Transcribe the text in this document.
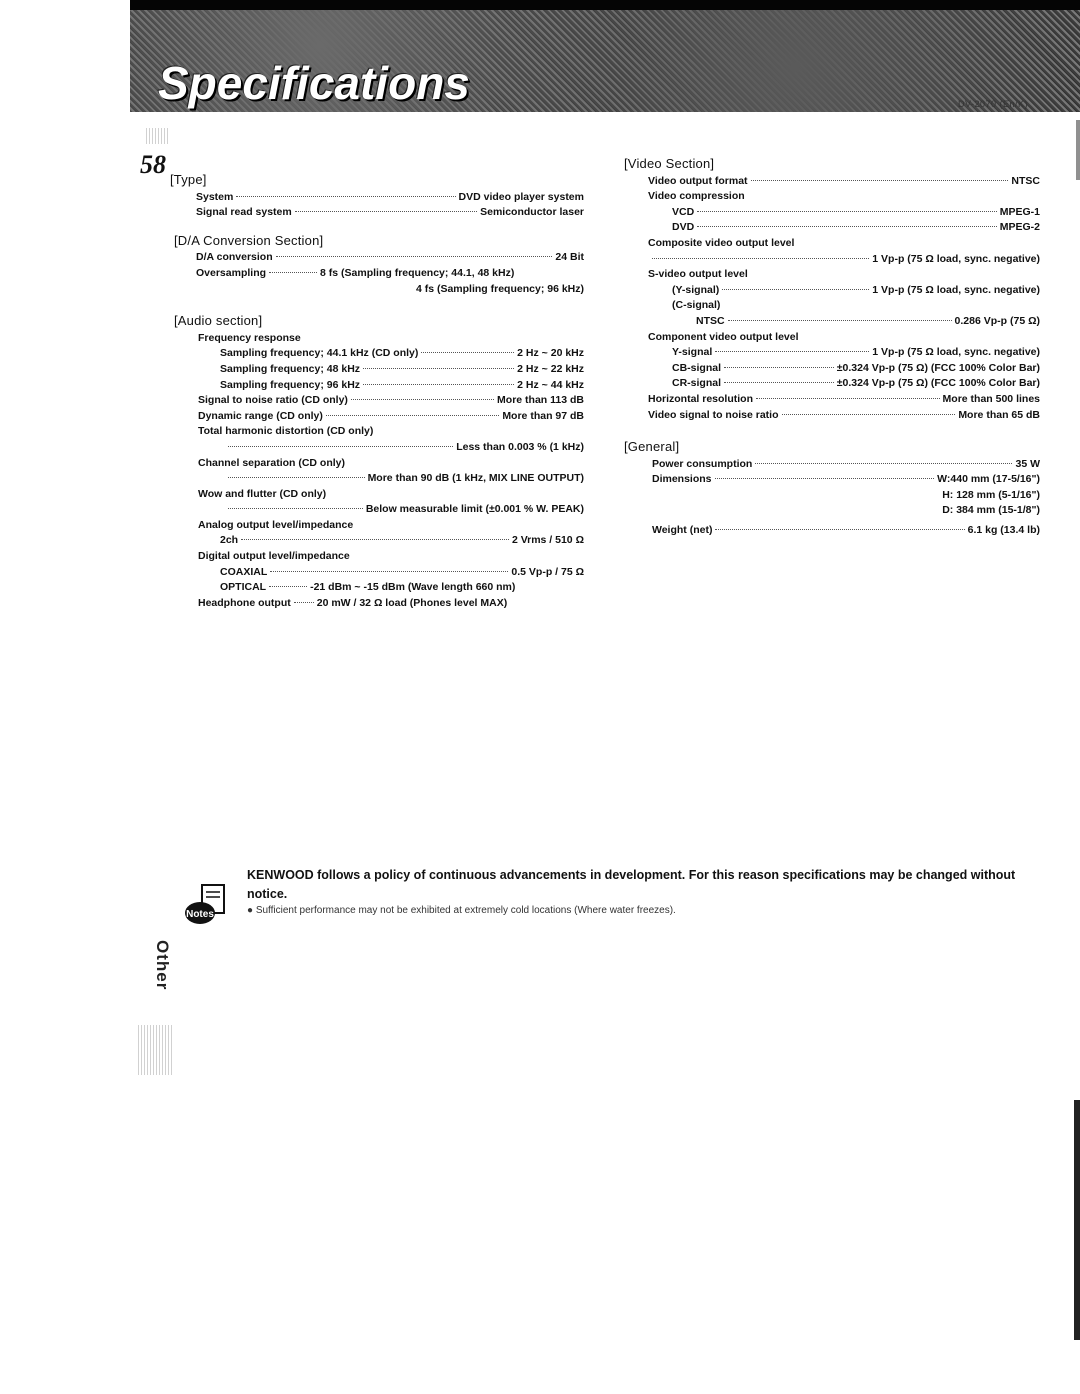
Specifications	DV-2070 (En/K)
58
Other
[Type]
System	DVD video player system
Signal read system	Semiconductor laser
[D/A Conversion Section]
D/A conversion	24 Bit
Oversampling	8 fs (Sampling frequency; 44.1, 48 kHz)
4 fs (Sampling frequency; 96 kHz)
[Audio section]
Frequency response
Sampling frequency; 44.1 kHz (CD only)	2 Hz ~ 20 kHz
Sampling frequency; 48 kHz	2 Hz ~ 22 kHz
Sampling frequency; 96 kHz	2 Hz ~ 44 kHz
Signal to noise ratio (CD only)	More than 113 dB
Dynamic range (CD only)	More than 97 dB
Total harmonic distortion (CD only)
Less than 0.003 % (1 kHz)
Channel separation (CD only)
More than 90 dB (1 kHz, MIX LINE OUTPUT)
Wow and flutter (CD only)
Below measurable limit (±0.001 % W. PEAK)
Analog output level/impedance
2ch	2 Vrms / 510 Ω
Digital output level/impedance
COAXIAL	0.5 Vp-p / 75 Ω
OPTICAL	-21 dBm ~ -15 dBm (Wave length 660 nm)
Headphone output 20 mW / 32 Ω load (Phones level MAX)
[Video Section]
Video output format	NTSC
Video compression
VCD	MPEG-1
DVD	MPEG-2
Composite video output level
1 Vp-p (75 Ω load, sync. negative)
S-video output level
(Y-signal)	1 Vp-p (75 Ω load, sync. negative)
(C-signal)
NTSC	0.286 Vp-p (75 Ω)
Component video output level
Y-signal	1 Vp-p (75 Ω load, sync. negative)
CB-signal	±0.324 Vp-p (75 Ω) (FCC 100% Color Bar)
CR-signal	±0.324 Vp-p (75 Ω) (FCC 100% Color Bar)
Horizontal resolution	More than 500 lines
Video signal to noise ratio	More than 65 dB
[General]
Power consumption	35 W
Dimensions	W:440 mm (17-5/16")
H: 128 mm (5-1/16")
D: 384 mm (15-1/8")
Weight (net)	6.1 kg (13.4 lb)
Notes
KENWOOD follows a policy of continuous advancements in development. For this reason specifications may be changed without notice.
● Sufficient performance may not be exhibited at extremely cold locations (Where water freezes).
